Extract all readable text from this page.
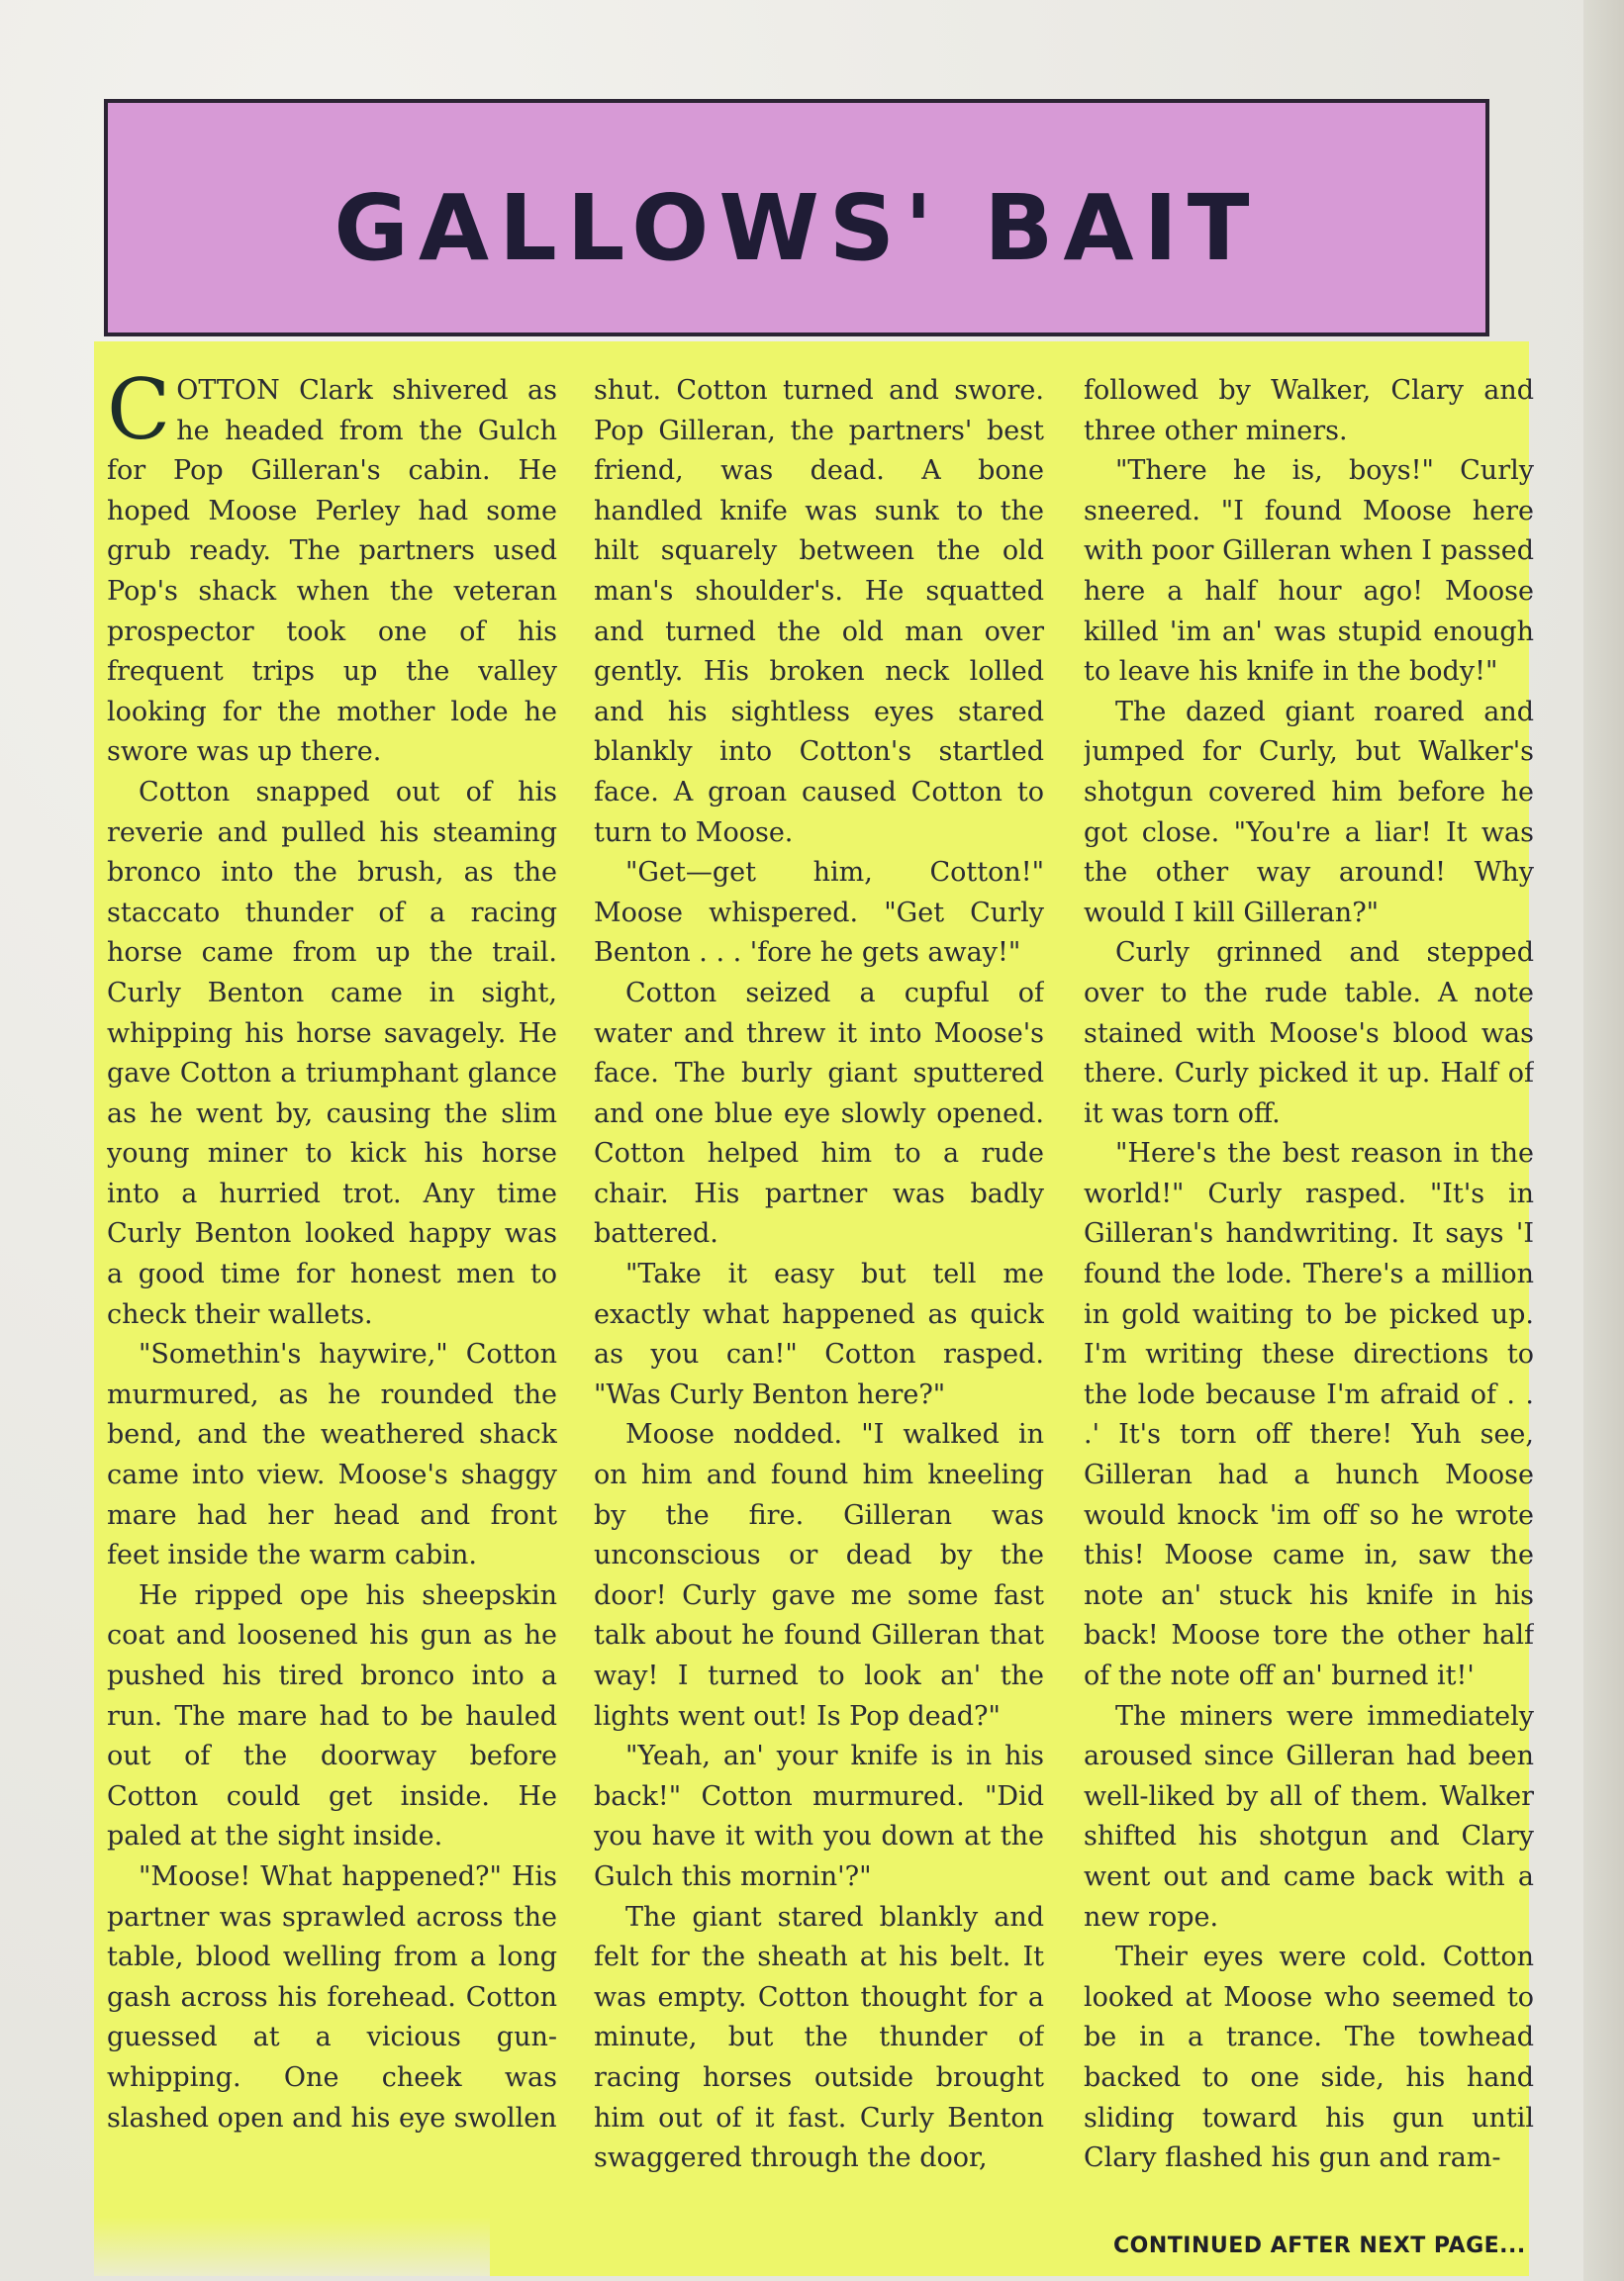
GALLOWS' BAIT

COTTON Clark shivered as he headed from the Gulch for Pop Gilleran's cabin. He hoped Moose Perley had some grub ready. The partners used Pop's shack when the veteran prospector took one of his frequent trips up the valley looking for the mother lode he swore was up there.

Cotton snapped out of his reverie and pulled his steaming bronco into the brush, as the staccato thunder of a racing horse came from up the trail. Curly Benton came in sight, whipping his horse savagely. He gave Cotton a triumphant glance as he went by, causing the slim young miner to kick his horse into a hurried trot. Any time Curly Benton looked happy was a good time for honest men to check their wallets.

"Somethin's haywire," Cotton murmured, as he rounded the bend, and the weathered shack came into view. Moose's shaggy mare had her head and front feet inside the warm cabin.

He ripped ope his sheepskin coat and loosened his gun as he pushed his tired bronco into a run. The mare had to be hauled out of the doorway before Cotton could get inside. He paled at the sight inside.

"Moose! What happened?" His partner was sprawled across the table, blood welling from a long gash across his forehead. Cotton guessed at a vicious gun-whipping. One cheek was slashed open and his eye swollen

shut. Cotton turned and swore. Pop Gilleran, the partners' best friend, was dead. A bone handled knife was sunk to the hilt squarely between the old man's shoulder's. He squatted and turned the old man over gently. His broken neck lolled and his sightless eyes stared blankly into Cotton's startled face. A groan caused Cotton to turn to Moose.

"Get—get him, Cotton!" Moose whispered. "Get Curly Benton . . . 'fore he gets away!"

Cotton seized a cupful of water and threw it into Moose's face. The burly giant sputtered and one blue eye slowly opened. Cotton helped him to a rude chair. His partner was badly battered.

"Take it easy but tell me exactly what happened as quick as you can!" Cotton rasped. "Was Curly Benton here?"

Moose nodded. "I walked in on him and found him kneeling by the fire. Gilleran was unconscious or dead by the door! Curly gave me some fast talk about he found Gilleran that way! I turned to look an' the lights went out! Is Pop dead?"

"Yeah, an' your knife is in his back!" Cotton murmured. "Did you have it with you down at the Gulch this mornin'?"

The giant stared blankly and felt for the sheath at his belt. It was empty. Cotton thought for a minute, but the thunder of racing horses outside brought him out of it fast. Curly Benton swaggered through the door,

followed by Walker, Clary and three other miners.

"There he is, boys!" Curly sneered. "I found Moose here with poor Gilleran when I passed here a half hour ago! Moose killed 'im an' was stupid enough to leave his knife in the body!"

The dazed giant roared and jumped for Curly, but Walker's shotgun covered him before he got close. "You're a liar! It was the other way around! Why would I kill Gilleran?"

Curly grinned and stepped over to the rude table. A note stained with Moose's blood was there. Curly picked it up. Half of it was torn off.

"Here's the best reason in the world!" Curly rasped. "It's in Gilleran's handwriting. It says 'I found the lode. There's a million in gold waiting to be picked up. I'm writing these directions to the lode because I'm afraid of . . .' It's torn off there! Yuh see, Gilleran had a hunch Moose would knock 'im off so he wrote this! Moose came in, saw the note an' stuck his knife in his back! Moose tore the other half of the note off an' burned it!'

The miners were immediately aroused since Gilleran had been well-liked by all of them. Walker shifted his shotgun and Clary went out and came back with a new rope.

Their eyes were cold. Cotton looked at Moose who seemed to be in a trance. The towhead backed to one side, his hand sliding toward his gun until Clary flashed his gun and ram-

CONTINUED AFTER NEXT PAGE...
